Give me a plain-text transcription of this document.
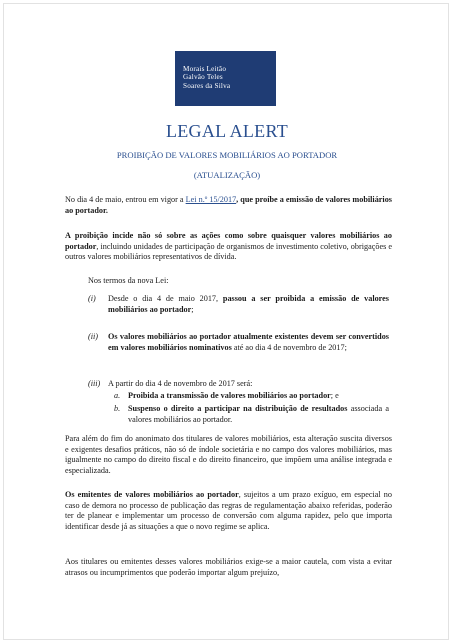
Morais Leitão
Galvão Teles
Soares da Silva
LEGAL ALERT
PROIBIÇÃO DE VALORES MOBILIÁRIOS AO PORTADOR
(ATUALIZAÇÃO)

No dia 4 de maio, entrou em vigor a Lei n.º 15/2017, que proíbe a emissão de valores mobiliários ao portador.

A proibição incide não só sobre as ações como sobre quaisquer valores mobiliários ao portador, incluindo unidades de participação de organismos de investimento coletivo, obrigações e outros valores mobiliários representativos de dívida.

Nos termos da nova Lei:

(i) Desde o dia 4 de maio 2017, passou a ser proibida a emissão de valores mobiliários ao portador;

(ii) Os valores mobiliários ao portador atualmente existentes devem ser convertidos em valores mobiliários nominativos até ao dia 4 de novembro de 2017;

(iii) A partir do dia 4 de novembro de 2017 será:

a. Proibida a transmissão de valores mobiliários ao portador; e

b. Suspenso o direito a participar na distribuição de resultados associada a valores mobiliários ao portador.

Para além do fim do anonimato dos titulares de valores mobiliários, esta alteração suscita diversos e exigentes desafios práticos, não só de índole societária e no campo dos valores mobiliários, mas igualmente no campo do direito fiscal e do direito financeiro, que impõem uma análise integrada e especializada.

Os emitentes de valores mobiliários ao portador, sujeitos a um prazo exíguo, em especial no caso de demora no processo de publicação das regras de regulamentação abaixo referidas, poderão ter de planear e implementar um processo de conversão com alguma rapidez, pelo que importa identificar desde já as situações a que o novo regime se aplica.

Aos titulares ou emitentes desses valores mobiliários exige-se a maior cautela, com vista a evitar atrasos ou incumprimentos que poderão importar algum prejuízo,
